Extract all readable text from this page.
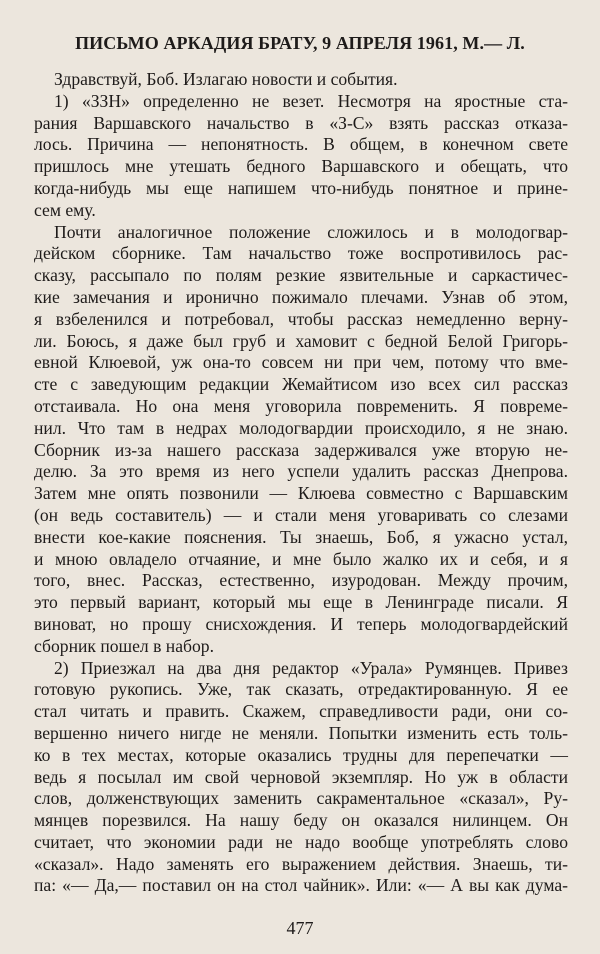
ПИСЬМО АРКАДИЯ БРАТУ, 9 АПРЕЛЯ 1961, М.— Л.
Здравствуй, Боб. Излагаю новости и события.
1) «ЗЗН» определенно не везет. Несмотря на яростные ста-
рания Варшавского начальство в «З-С» взять рассказ отказа-
лось. Причина — непонятность. В общем, в конечном свете
пришлось мне утешать бедного Варшавского и обещать, что
когда-нибудь мы еще напишем что-нибудь понятное и прине-
сем ему.
Почти аналогичное положение сложилось и в молодогвар-
дейском сборнике. Там начальство тоже воспротивилось рас-
сказу, рассыпало по полям резкие язвительные и саркастичес-
кие замечания и иронично пожимало плечами. Узнав об этом,
я взбеленился и потребовал, чтобы рассказ немедленно верну-
ли. Боюсь, я даже был груб и хамовит с бедной Белой Григорь-
евной Клюевой, уж она-то совсем ни при чем, потому что вме-
сте с заведующим редакции Жемайтисом изо всех сил рассказ
отстаивала. Но она меня уговорила повременить. Я повреме-
нил. Что там в недрах молодогвардии происходило, я не знаю.
Сборник из-за нашего рассказа задерживался уже вторую не-
делю. За это время из него успели удалить рассказ Днепрова.
Затем мне опять позвонили — Клюева совместно с Варшавским
(он ведь составитель) — и стали меня уговаривать со слезами
внести кое-какие пояснения. Ты знаешь, Боб, я ужасно устал,
и мною овладело отчаяние, и мне было жалко их и себя, и я
того, внес. Рассказ, естественно, изуродован. Между прочим,
это первый вариант, который мы еще в Ленинграде писали. Я
виноват, но прошу снисхождения. И теперь молодогвардейский
сборник пошел в набор.
2) Приезжал на два дня редактор «Урала» Румянцев. Привез
готовую рукопись. Уже, так сказать, отредактированную. Я ее
стал читать и править. Скажем, справедливости ради, они со-
вершенно ничего нигде не меняли. Попытки изменить есть толь-
ко в тех местах, которые оказались трудны для перепечатки —
ведь я посылал им свой черновой экземпляр. Но уж в области
слов, долженствующих заменить сакраментальное «сказал», Ру-
мянцев порезвился. На нашу беду он оказался нилинцем. Он
считает, что экономии ради не надо вообще употреблять слово
«сказал». Надо заменять его выражением действия. Знаешь, ти-
па: «— Да,— поставил он на стол чайник». Или: «— А вы как дума-
477
